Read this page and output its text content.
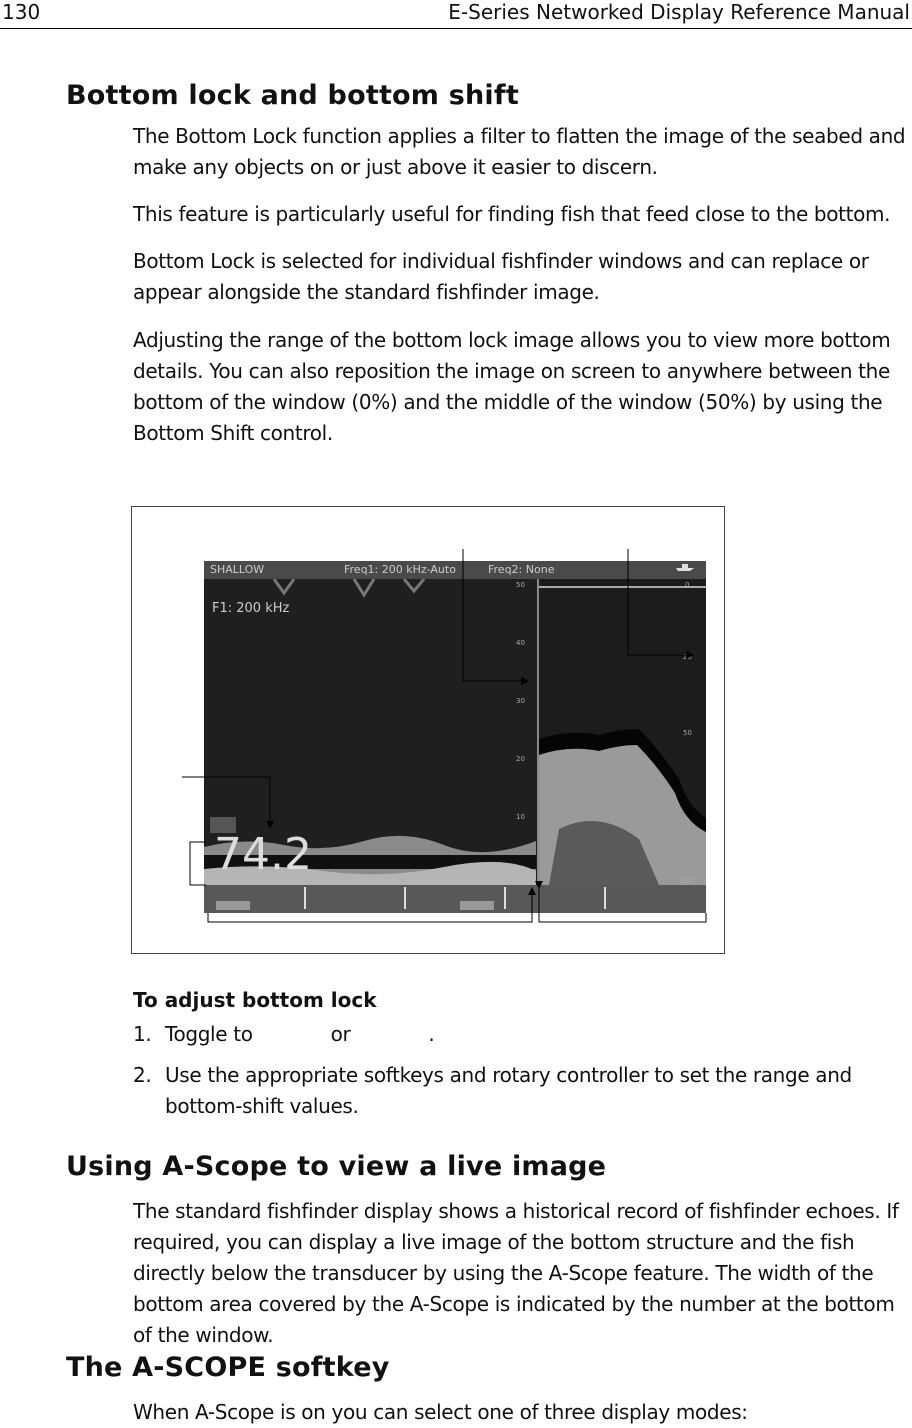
130	E-Series Networked Display Reference Manual
Bottom lock and bottom shift
The Bottom Lock function applies a filter to flatten the image of the seabed and make any objects on or just above it easier to discern.
This feature is particularly useful for finding fish that feed close to the bottom.
Bottom Lock is selected for individual fishfinder windows and can replace or appear alongside the standard fishfinder image.
Adjusting the range of the bottom lock image allows you to view more bottom details. You can also reposition the image on screen to anywhere between the bottom of the window (0%) and the middle of the window (50%) by using the Bottom Shift control.
SHALLOW	Freq1: 200 kHz-Auto	Freq2: None
F1: 200 kHz
74.2
50
40
30
20
10
0
25
50
100
To adjust bottom lock
1. Toggle to	or	.
2. Use the appropriate softkeys and rotary controller to set the range and bottom-shift values.
Using A-Scope to view a live image
The standard fishfinder display shows a historical record of fishfinder echoes. If required, you can display a live image of the bottom structure and the fish directly below the transducer by using the A-Scope feature. The width of the bottom area covered by the A-Scope is indicated by the number at the bottom of the window.
The A-SCOPE softkey
When A-Scope is on you can select one of three display modes:
